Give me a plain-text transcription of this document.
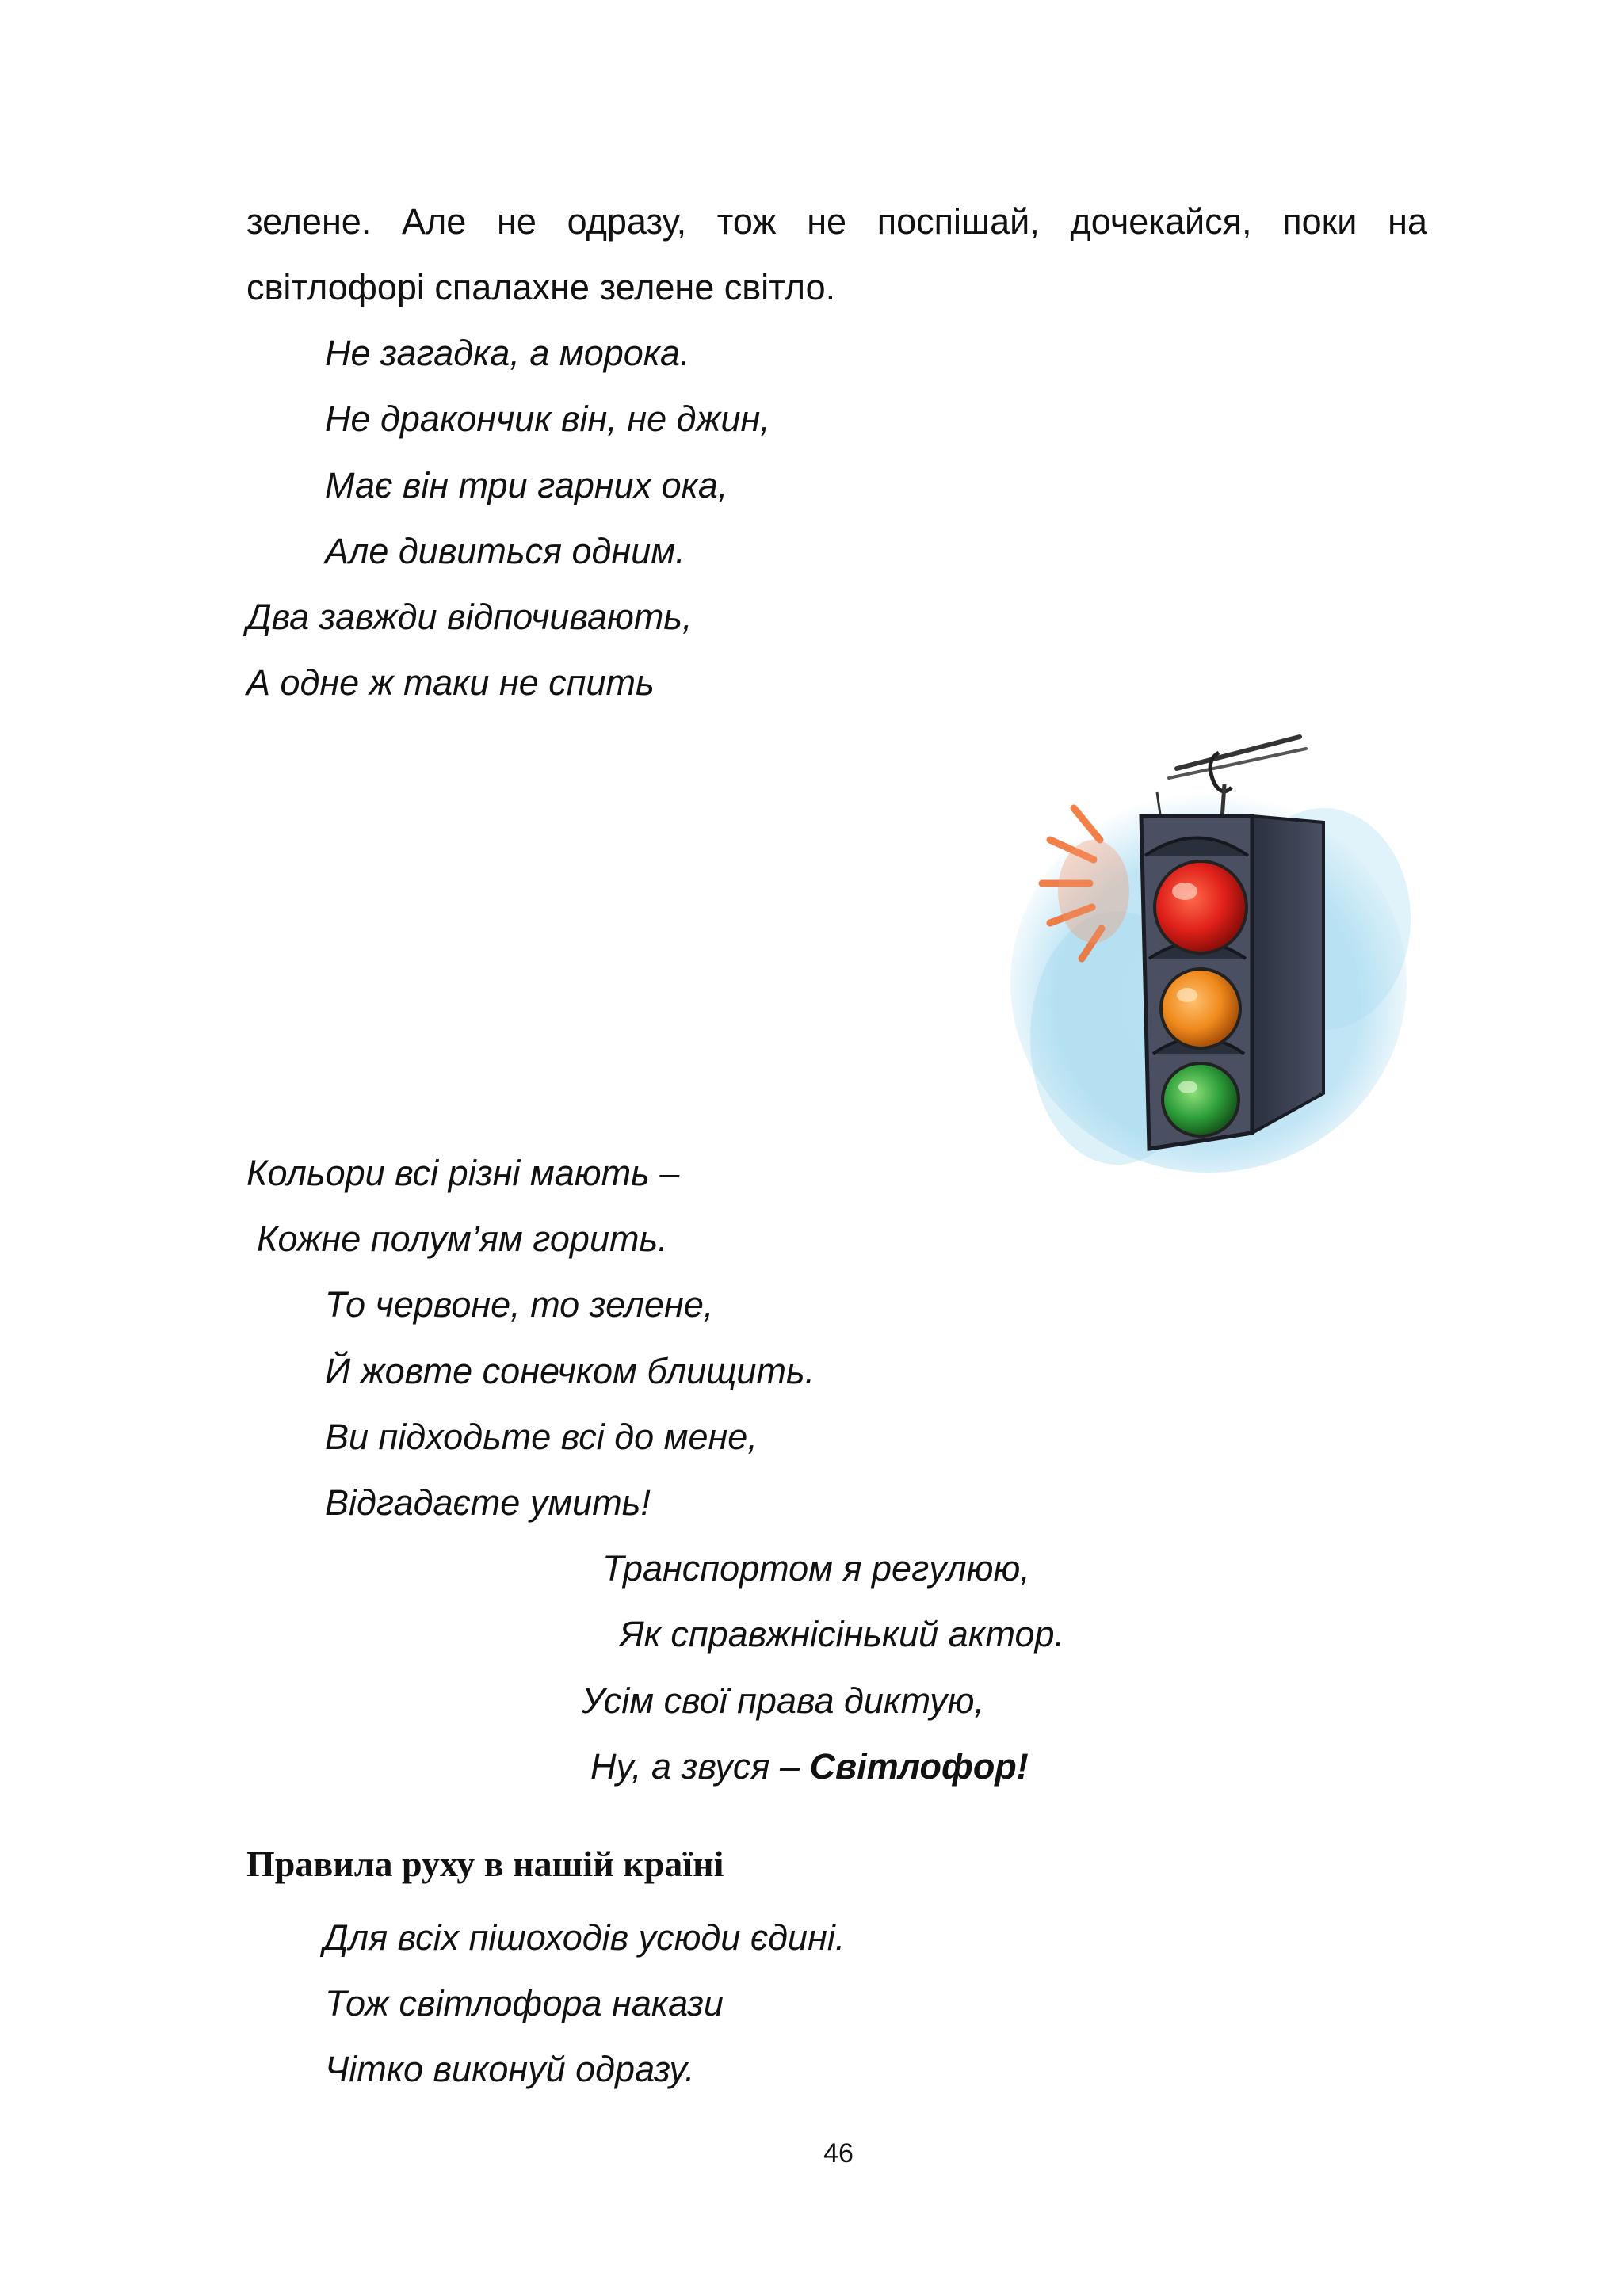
зелене. Але не одразу, тож не поспішай, дочекайся, поки на
світлофорі спалахне зелене світло.
Не загадка, а морока.
Не дракончик він, не джин,
Має він три гарних ока,
Але дивиться одним.
Два завжди відпочивають,
А одне ж таки не спить
Кольори всі різні мають –
Кожне полум’ям горить.
То червоне, то зелене,
Й жовте сонечком блищить.
Ви підходьте всі до мене,
Відгадаєте умить!
Транспортом я регулюю,
Як справжнісінький актор.
Усім свої права диктую,
Ну, а звуся – Світлофор!
Правила руху в нашій країні
Для всіх пішоходів усюди єдині.
Тож світлофора накази
Чітко виконуй одразу.
46
